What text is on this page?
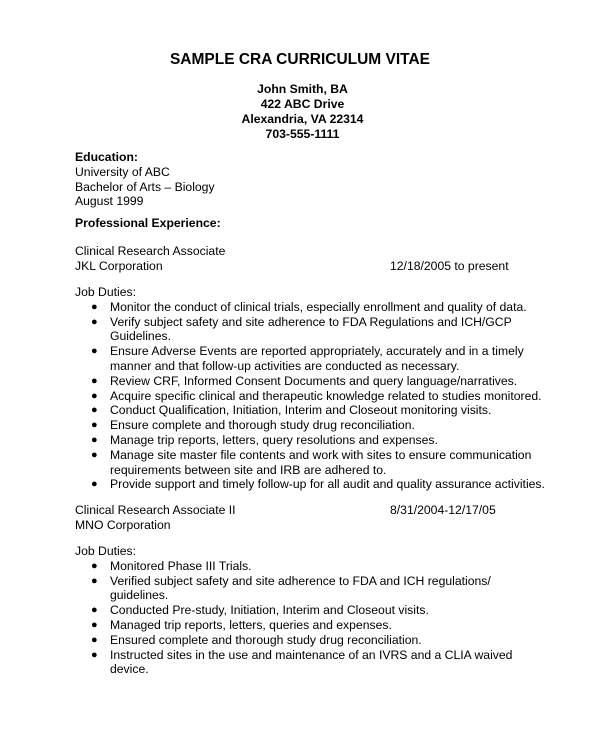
SAMPLE CRA CURRICULUM VITAE
John Smith, BA
422 ABC Drive
Alexandria, VA 22314
703-555-1111
Education:
University of ABC
Bachelor of Arts – Biology
August 1999
Professional Experience:
Clinical Research Associate
JKL Corporation	12/18/2005 to present
Job Duties:
● Monitor the conduct of clinical trials, especially enrollment and quality of data.
● Verify subject safety and site adherence to FDA Regulations and ICH/GCP Guidelines.
● Ensure Adverse Events are reported appropriately, accurately and in a timely manner and that follow-up activities are conducted as necessary.
● Review CRF, Informed Consent Documents and query language/narratives.
● Acquire specific clinical and therapeutic knowledge related to studies monitored.
● Conduct Qualification, Initiation, Interim and Closeout monitoring visits.
● Ensure complete and thorough study drug reconciliation.
● Manage trip reports, letters, query resolutions and expenses.
● Manage site master file contents and work with sites to ensure communication requirements between site and IRB are adhered to.
● Provide support and timely follow-up for all audit and quality assurance activities.
Clinical Research Associate II	8/31/2004-12/17/05
MNO Corporation
Job Duties:
● Monitored Phase III Trials.
● Verified subject safety and site adherence to FDA and ICH regulations/ guidelines.
● Conducted Pre-study, Initiation, Interim and Closeout visits.
● Managed trip reports, letters, queries and expenses.
● Ensured complete and thorough study drug reconciliation.
● Instructed sites in the use and maintenance of an IVRS and a CLIA waived device.
